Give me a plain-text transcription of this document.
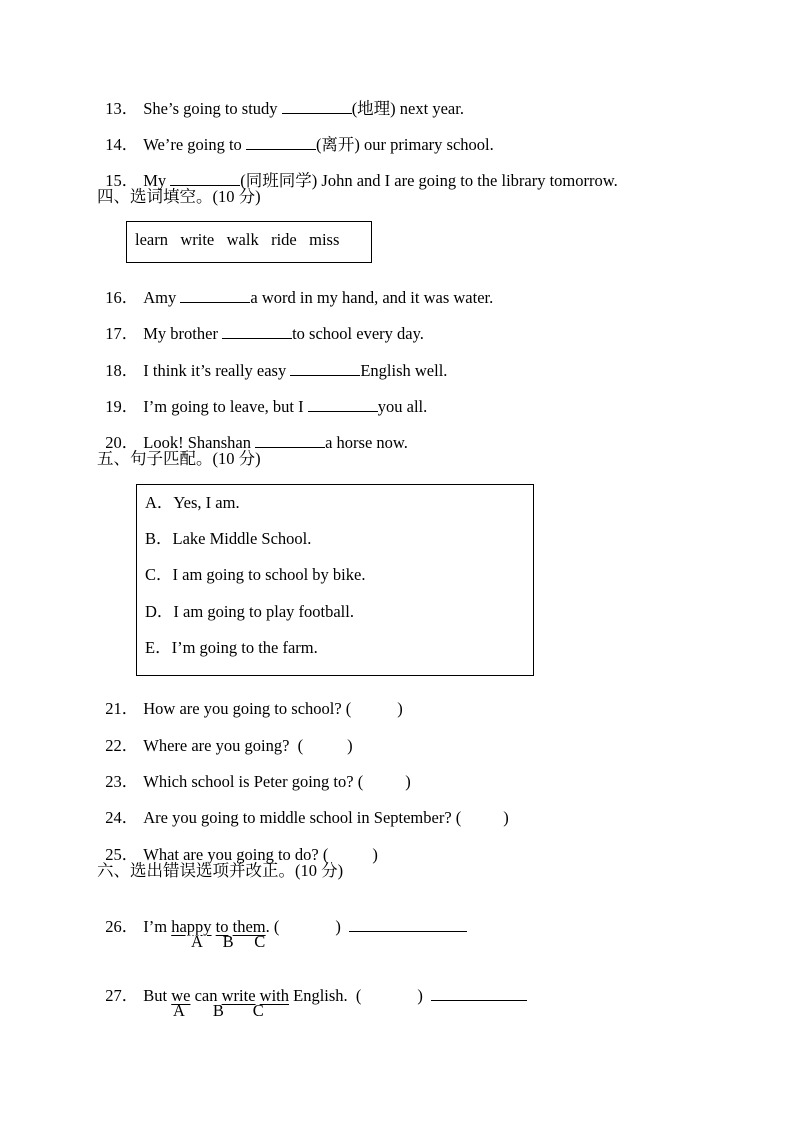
13． She’s going to study	(地理) next year.

14． We’re going to	(离开) our primary school.

15． My	(同班同学) John and I are going to the library tomorrow.

四、选词填空。(10 分)
learn   write   walk   ride   miss

16． Amy	a word in my hand, and it was water.

17． My brother	to school every day.

18． I think it’s really easy	English well.

19． I’m going to leave, but I	you all.

20． Look! Shanshan	a horse now.

五、句子匹配。(10 分)
A．Yes, I am.
B．Lake Middle School.
C．I am going to school by bike.
D．I am going to play football.
E．I’m going to the farm.

21． How are you going to school? (	)

22． Where are you going?  (	)

23． Which school is Peter going to? (	)

24． Are you going to middle school in September? (	)

25． What are you going to do? (	)

六、选出错误选项并改正。(10 分)

26． I’m happy to them. (	)

A     B     C

27． But we can write with English.  (	)

A       B       C
